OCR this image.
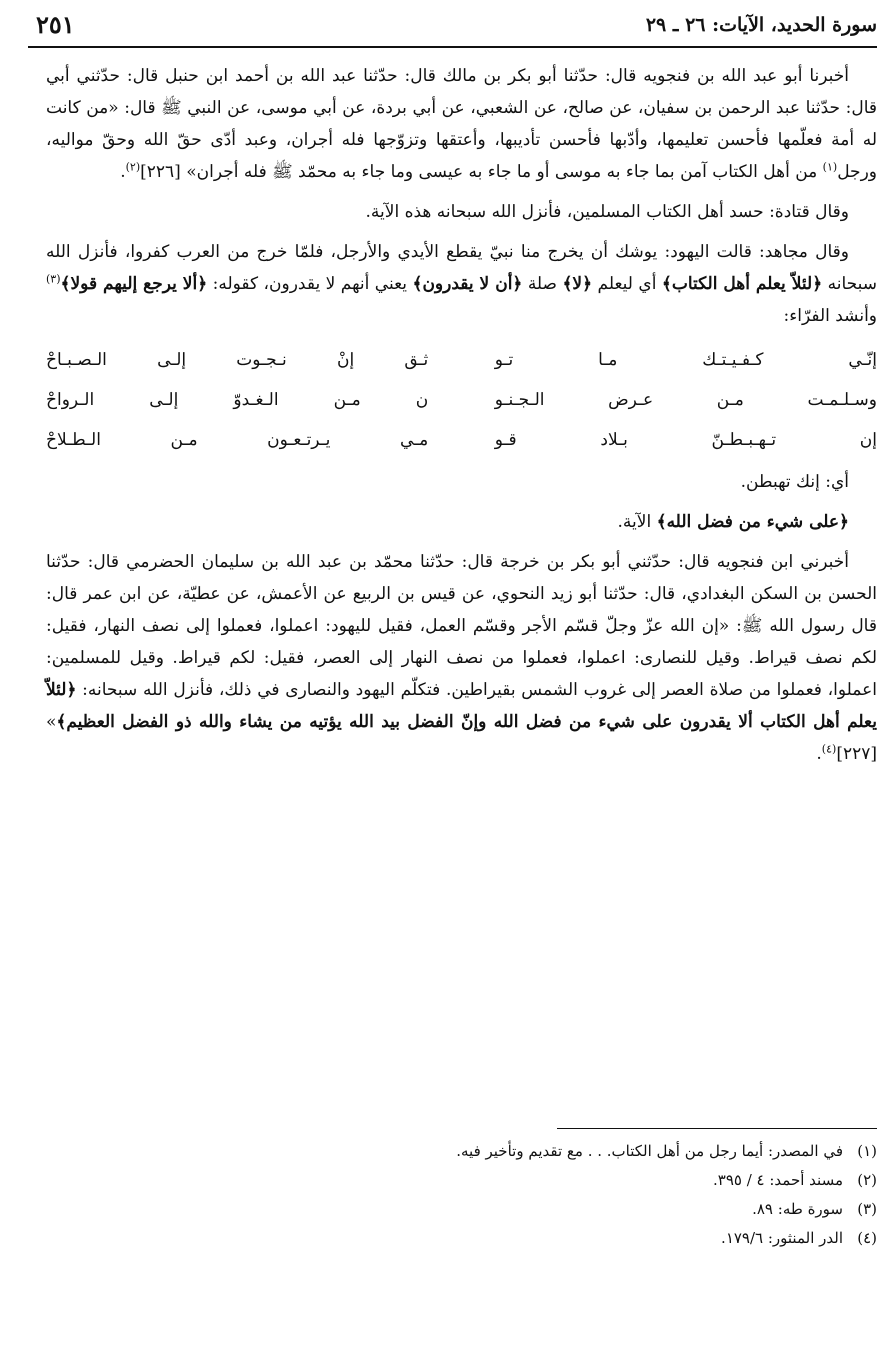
سورة الحديد، الآيات: ٢٦ ـ ٢٩
٢٥١

أخبرنا أبو عبد الله بن فنجويه قال: حدّثنا أبو بكر بن مالك قال: حدّثنا عبد الله بن أحمد ابن حنبل قال: حدّثني أبي قال: حدّثنا عبد الرحمن بن سفيان، عن صالح، عن الشعبي، عن أبي بردة، عن أبي موسى، عن النبي ﷺ قال: «من كانت له أمة فعلّمها فأحسن تعليمها، وأدّبها فأحسن تأديبها، وأعتقها وتزوّجها فله أجران، وعبد أدّى حقّ الله وحقّ مواليه، ورجل$^{(١)}$ من أهل الكتاب آمن بما جاء به موسى أو ما جاء به عيسى وما جاء به محمّد ﷺ فله أجران» [٢٢٦]$^{(٢)}$.

وقال قتادة: حسد أهل الكتاب المسلمين، فأنزل الله سبحانه هذه الآية.

وقال مجاهد: قالت اليهود: يوشك أن يخرج منا نبيّ يقطع الأيدي والأرجل، فلمّا خرج من العرب كفروا، فأنزل الله سبحانه ﴿لئلاّ يعلم أهل الكتاب﴾ أي ليعلم ﴿لا﴾ صلة ﴿أن لا يقدرون﴾ يعني أنهم لا يقدرون، كقوله: ﴿ألا يرجع إليهم قولا﴾$^{(٣)}$ وأنشد الفرّاء:

إنّـي كـفـيـتـك مـا تـو
ثـق إنْ نـجـوت إلـى الـصـبـاحْ
وسـلـمـت مـن عـرض الـجـنـو
ن مـن الـغـدوّ إلـى الـرواحْ
إن تـهـبـطـنّ بـلاد قـو
مـي يـرتـعـون مـن الـطـلاحْ

أي: إنك تهبطن.

﴿على شيء من فضل الله﴾ الآية.

أخبرني ابن فنجويه قال: حدّثني أبو بكر بن خرجة قال: حدّثنا محمّد بن عبد الله بن سليمان الحضرمي قال: حدّثنا الحسن بن السكن البغدادي، قال: حدّثنا أبو زيد النحوي، عن قيس بن الربيع عن الأعمش، عن عطيّة، عن ابن عمر قال: قال رسول الله ﷺ: «إن الله عزّ وجلّ قسّم الأجر وقسّم العمل، فقيل لليهود: اعملوا، فعملوا إلى نصف النهار، فقيل: لكم نصف قيراط. وقيل للنصارى: اعملوا، فعملوا من نصف النهار إلى العصر، فقيل: لكم قيراط. وقيل للمسلمين: اعملوا، فعملوا من صلاة العصر إلى غروب الشمس بقيراطين. فتكلّم اليهود والنصارى في ذلك، فأنزل الله سبحانه: ﴿لئلاّ يعلم أهل الكتاب ألا يقدرون على شيء من فضل الله وإنّ الفضل بيد الله يؤتيه من يشاء والله ذو الفضل العظيم﴾» [٢٢٧]$^{(٤)}$.

(١)في المصدر: أيما رجل من أهل الكتاب. . . مع تقديم وتأخير فيه.
(٢)مسند أحمد: ٤ / ٣٩٥.
(٣)سورة طه: ٨٩.
(٤)الدر المنثور: ١٧٩/٦.
